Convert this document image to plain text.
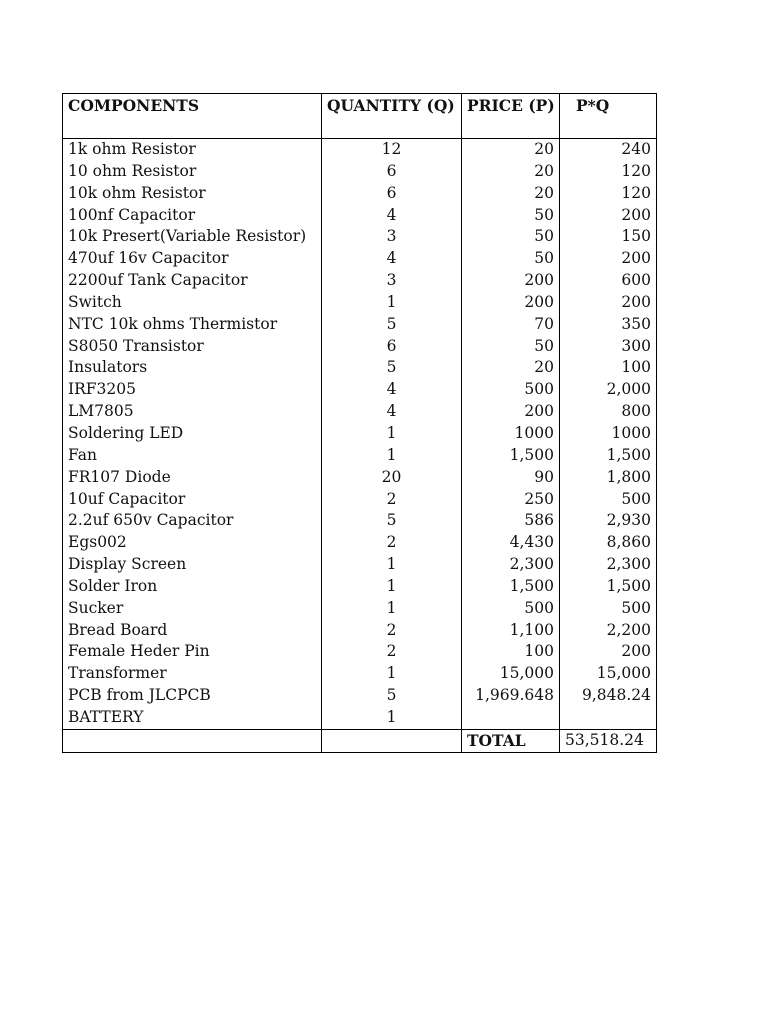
COMPONENTS	QUANTITY (Q)	PRICE (P)	P*Q
1k ohm Resistor	12	20	240
10 ohm Resistor	6	20	120
10k ohm Resistor	6	20	120
100nf Capacitor	4	50	200
10k Presert(Variable Resistor)	3	50	150
470uf 16v Capacitor	4	50	200
2200uf Tank Capacitor	3	200	600
Switch	1	200	200
NTC 10k ohms Thermistor	5	70	350
S8050 Transistor	6	50	300
Insulators	5	20	100
IRF3205	4	500	2,000
LM7805	4	200	800
Soldering LED	1	1000	1000
Fan	1	1,500	1,500
FR107 Diode	20	90	1,800
10uf Capacitor	2	250	500
2.2uf 650v Capacitor	5	586	2,930
Egs002	2	4,430	8,860
Display Screen	1	2,300	2,300
Solder Iron	1	1,500	1,500
Sucker	1	500	500
Bread Board	2	1,100	2,200
Female Heder Pin	2	100	200
Transformer	1	15,000	15,000
PCB from JLCPCB	5	1,969.648	9,848.24
BATTERY	1		
		TOTAL	53,518.24
